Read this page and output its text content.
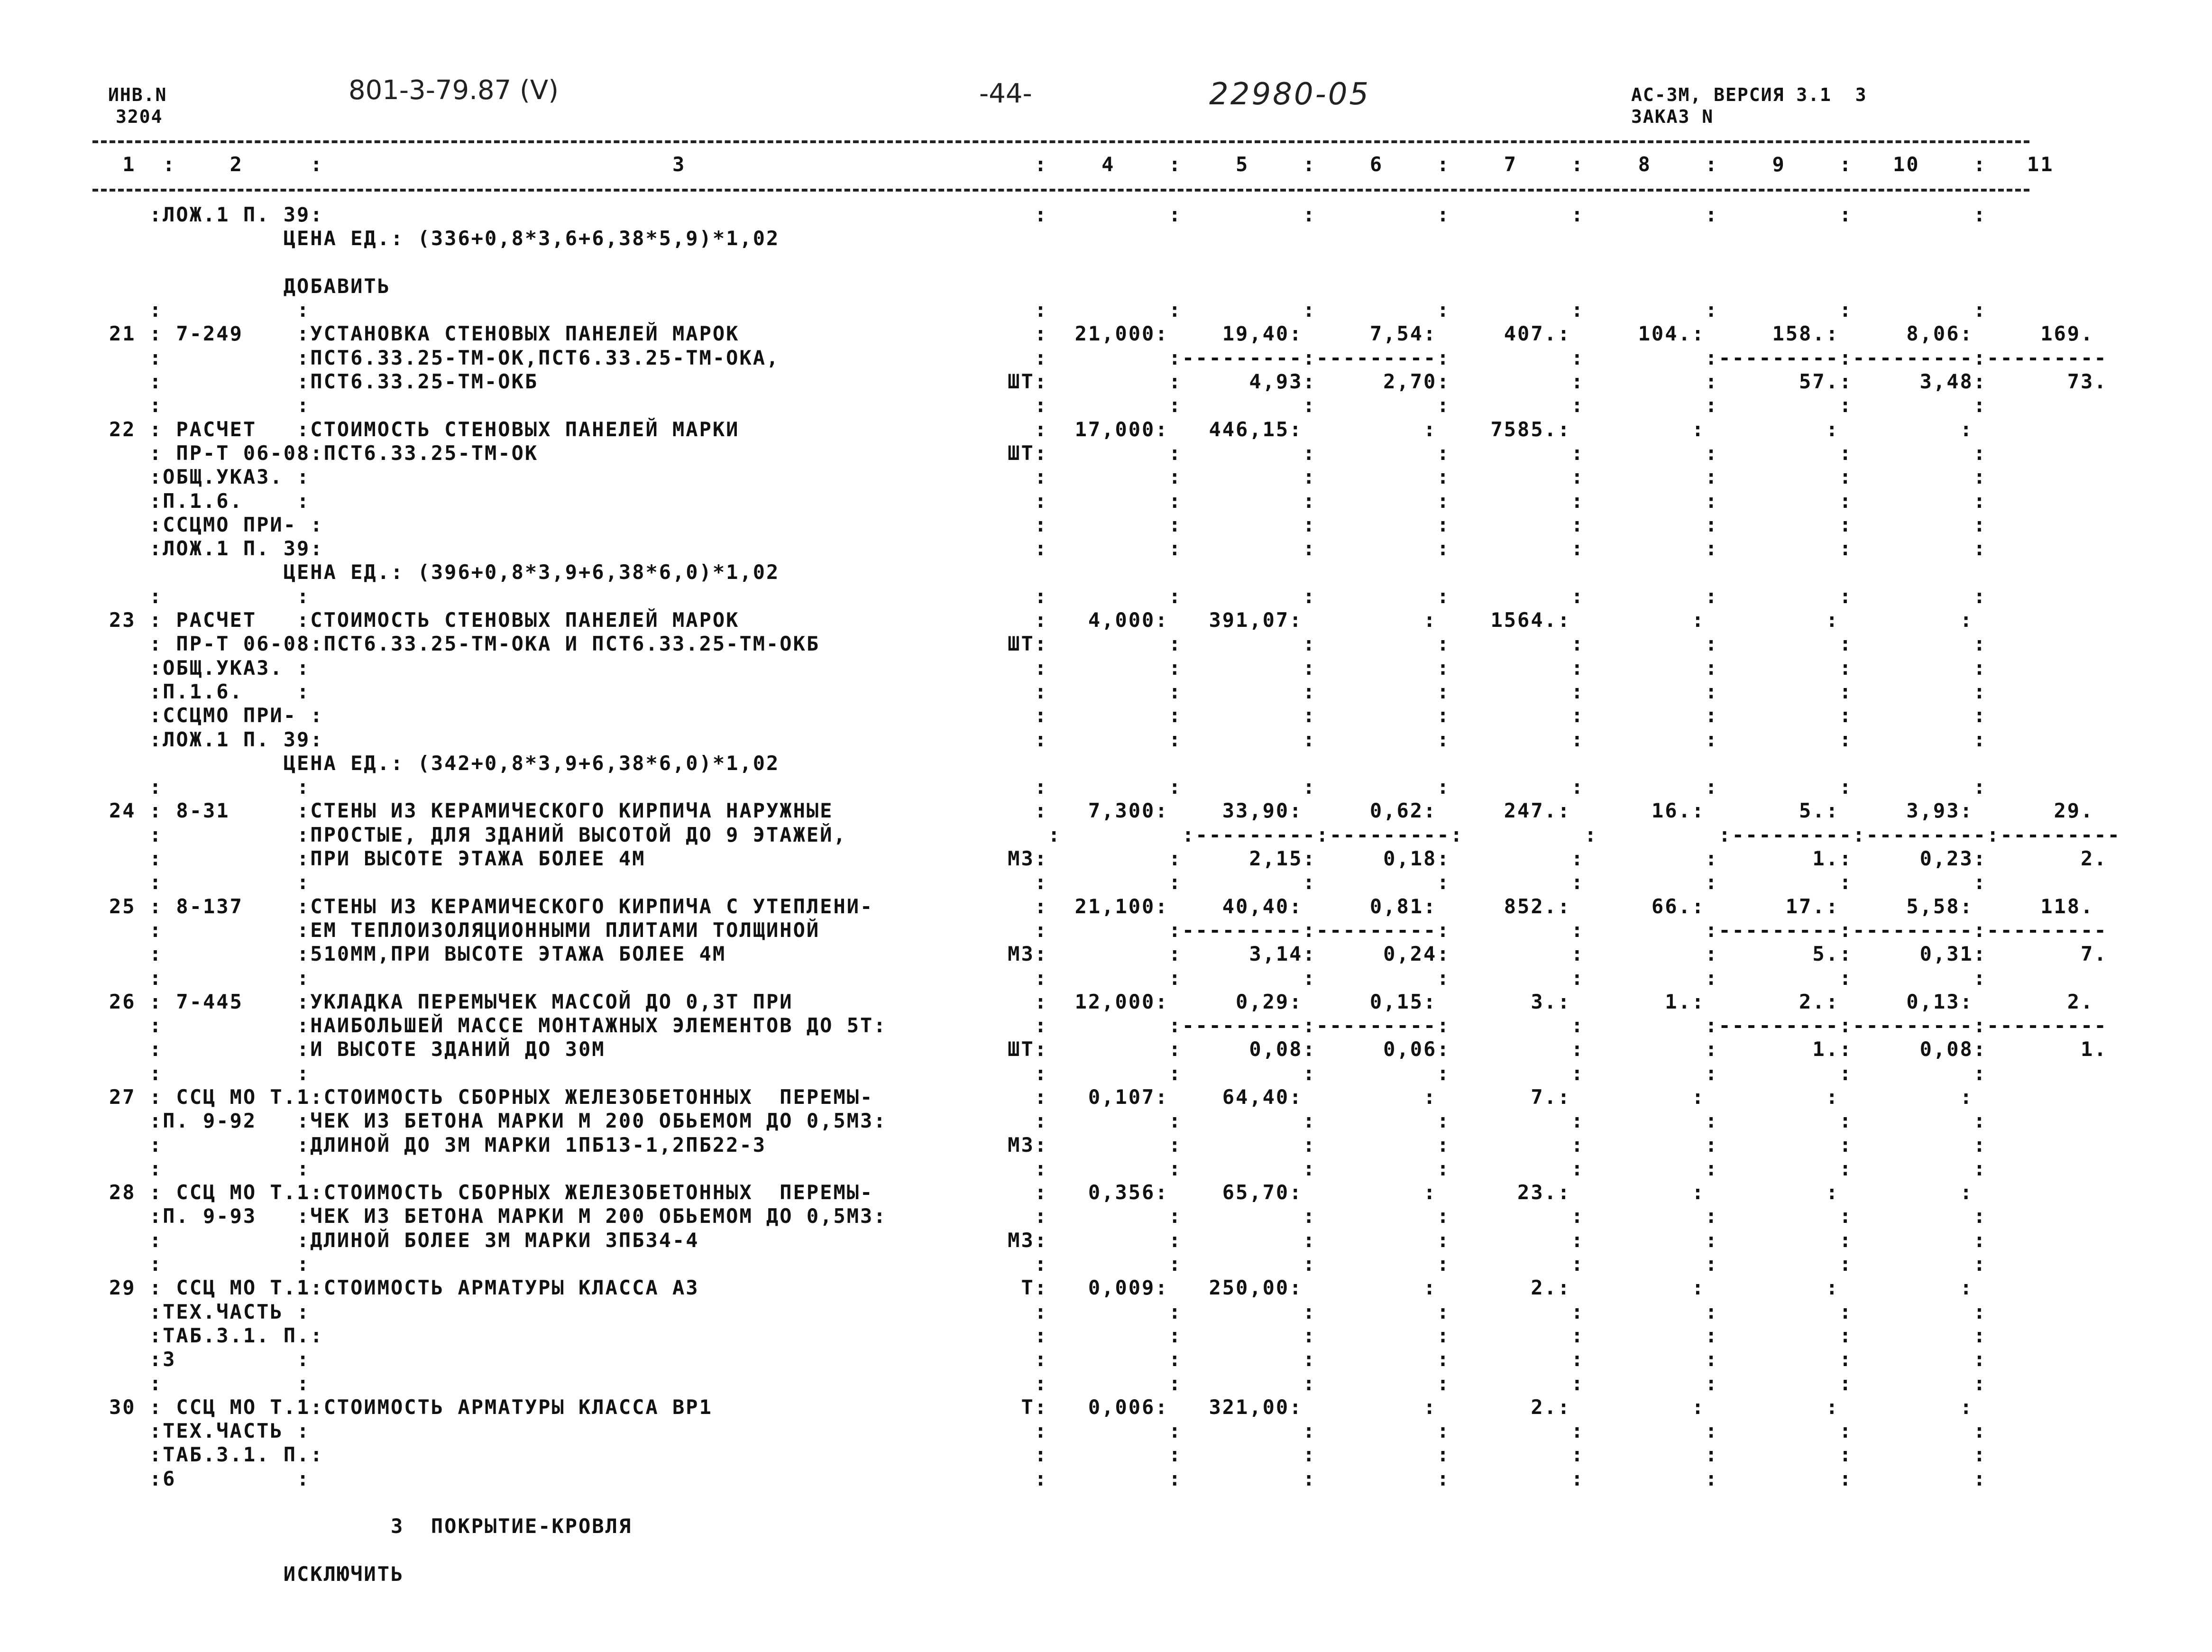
ИНВ.N
3204
801-3-79.87 (V)	-44-	22980-05	АС-3М, ВЕРСИЯ 3.1  3
ЗАКАЗ N
1  :    2     :                          3                          :    4    :    5    :    6    :    7    :    8    :    9    :   10    :   11
:ЛОЖ.1 П. 39:                                                     :         :         :         :         :         :         :         :
ЦЕНА ЕД.: (336+0,8*3,6+6,38*5,9)*1,02

ДОБАВИТЬ
:          :                                                      :         :         :         :         :         :         :         :
21 : 7-249    :УСТАНОВКА СТЕНОВЫХ ПАНЕЛЕЙ МАРОК                      :  21,000:    19,40:     7,54:     407.:     104.:     158.:     8,06:     169.
:          :ПСТ6.33.25-ТМ-ОК,ПСТ6.33.25-ТМ-ОКА,                   :         :---------:---------:         :         :---------:---------:---------
:          :ПСТ6.33.25-ТМ-ОКБ                                   ШТ:         :     4,93:     2,70:         :         :      57.:     3,48:      73.
:          :                                                      :         :         :         :         :         :         :         :
22 : РАСЧЕТ   :СТОИМОСТЬ СТЕНОВЫХ ПАНЕЛЕЙ МАРКИ                      :  17,000:   446,15:         :    7585.:         :         :         :
: ПР-Т 06-08:ПСТ6.33.25-ТМ-ОК                                   ШТ:         :         :         :         :         :         :         :
:ОБЩ.УКАЗ. :                                                      :         :         :         :         :         :         :         :
:П.1.6.    :                                                      :         :         :         :         :         :         :         :
:ССЦМО ПРИ- :                                                     :         :         :         :         :         :         :         :
:ЛОЖ.1 П. 39:                                                     :         :         :         :         :         :         :         :
ЦЕНА ЕД.: (396+0,8*3,9+6,38*6,0)*1,02
:          :                                                      :         :         :         :         :         :         :         :
23 : РАСЧЕТ   :СТОИМОСТЬ СТЕНОВЫХ ПАНЕЛЕЙ МАРОК                      :   4,000:   391,07:         :    1564.:         :         :         :
: ПР-Т 06-08:ПСТ6.33.25-ТМ-ОКА И ПСТ6.33.25-ТМ-ОКБ              ШТ:         :         :         :         :         :         :         :
:ОБЩ.УКАЗ. :                                                      :         :         :         :         :         :         :         :
:П.1.6.    :                                                      :         :         :         :         :         :         :         :
:ССЦМО ПРИ- :                                                     :         :         :         :         :         :         :         :
:ЛОЖ.1 П. 39:                                                     :         :         :         :         :         :         :         :
ЦЕНА ЕД.: (342+0,8*3,9+6,38*6,0)*1,02
:          :                                                      :         :         :         :         :         :         :         :
24 : 8-31     :СТЕНЫ ИЗ КЕРАМИЧЕСКОГО КИРПИЧА НАРУЖНЫЕ               :   7,300:    33,90:     0,62:     247.:      16.:       5.:     3,93:      29.
:          :ПРОСТЫЕ, ДЛЯ ЗДАНИЙ ВЫСОТОЙ ДО 9 ЭТАЖЕЙ,               :         :---------:---------:         :         :---------:---------:---------
:          :ПРИ ВЫСОТЕ ЭТАЖА БОЛЕЕ 4М                           М3:         :     2,15:     0,18:         :         :       1.:     0,23:       2.
:          :                                                      :         :         :         :         :         :         :         :
25 : 8-137    :СТЕНЫ ИЗ КЕРАМИЧЕСКОГО КИРПИЧА С УТЕПЛЕНИ-            :  21,100:    40,40:     0,81:     852.:      66.:      17.:     5,58:     118.
:          :ЕМ ТЕПЛОИЗОЛЯЦИОННЫМИ ПЛИТАМИ ТОЛЩИНОЙ                :         :---------:---------:         :         :---------:---------:---------
:          :510ММ,ПРИ ВЫСОТЕ ЭТАЖА БОЛЕЕ 4М                     М3:         :     3,14:     0,24:         :         :       5.:     0,31:       7.
:          :                                                      :         :         :         :         :         :         :         :
26 : 7-445    :УКЛАДКА ПЕРЕМЫЧЕК МАССОЙ ДО 0,3Т ПРИ                  :  12,000:     0,29:     0,15:       3.:       1.:       2.:     0,13:       2.
:          :НАИБОЛЬШЕЙ МАССЕ МОНТАЖНЫХ ЭЛЕМЕНТОВ ДО 5Т:           :         :---------:---------:         :         :---------:---------:---------
:          :И ВЫСОТЕ ЗДАНИЙ ДО 30М                              ШТ:         :     0,08:     0,06:         :         :       1.:     0,08:       1.
:          :                                                      :         :         :         :         :         :         :         :
27 : ССЦ МО Т.1:СТОИМОСТЬ СБОРНЫХ ЖЕЛЕЗОБЕТОННЫХ  ПЕРЕМЫ-            :   0,107:    64,40:         :       7.:         :         :         :
:П. 9-92   :ЧЕК ИЗ БЕТОНА МАРКИ М 200 ОБЬЕМОМ ДО 0,5М3:           :         :         :         :         :         :         :         :
:          :ДЛИНОЙ ДО 3М МАРКИ 1ПБ13-1,2ПБ22-3                  М3:         :         :         :         :         :         :         :
:          :                                                      :         :         :         :         :         :         :         :
28 : ССЦ МО Т.1:СТОИМОСТЬ СБОРНЫХ ЖЕЛЕЗОБЕТОННЫХ  ПЕРЕМЫ-            :   0,356:    65,70:         :      23.:         :         :         :
:П. 9-93   :ЧЕК ИЗ БЕТОНА МАРКИ М 200 ОБЬЕМОМ ДО 0,5М3:           :         :         :         :         :         :         :         :
:          :ДЛИНОЙ БОЛЕЕ 3М МАРКИ 3ПБ34-4                       М3:         :         :         :         :         :         :         :
:          :                                                      :         :         :         :         :         :         :         :
29 : ССЦ МО Т.1:СТОИМОСТЬ АРМАТУРЫ КЛАССА А3                        Т:   0,009:   250,00:         :       2.:         :         :         :
:ТЕХ.ЧАСТЬ :                                                      :         :         :         :         :         :         :         :
:ТАБ.3.1. П.:                                                     :         :         :         :         :         :         :         :
:3         :                                                      :         :         :         :         :         :         :         :
:          :                                                      :         :         :         :         :         :         :         :
30 : ССЦ МО Т.1:СТОИМОСТЬ АРМАТУРЫ КЛАССА ВР1                       Т:   0,006:   321,00:         :       2.:         :         :         :
:ТЕХ.ЧАСТЬ :                                                      :         :         :         :         :         :         :         :
:ТАБ.3.1. П.:                                                     :         :         :         :         :         :         :         :
:6         :                                                      :         :         :         :         :         :         :         :

3  ПОКРЫТИЕ-КРОВЛЯ

ИСКЛЮЧИТЬ
